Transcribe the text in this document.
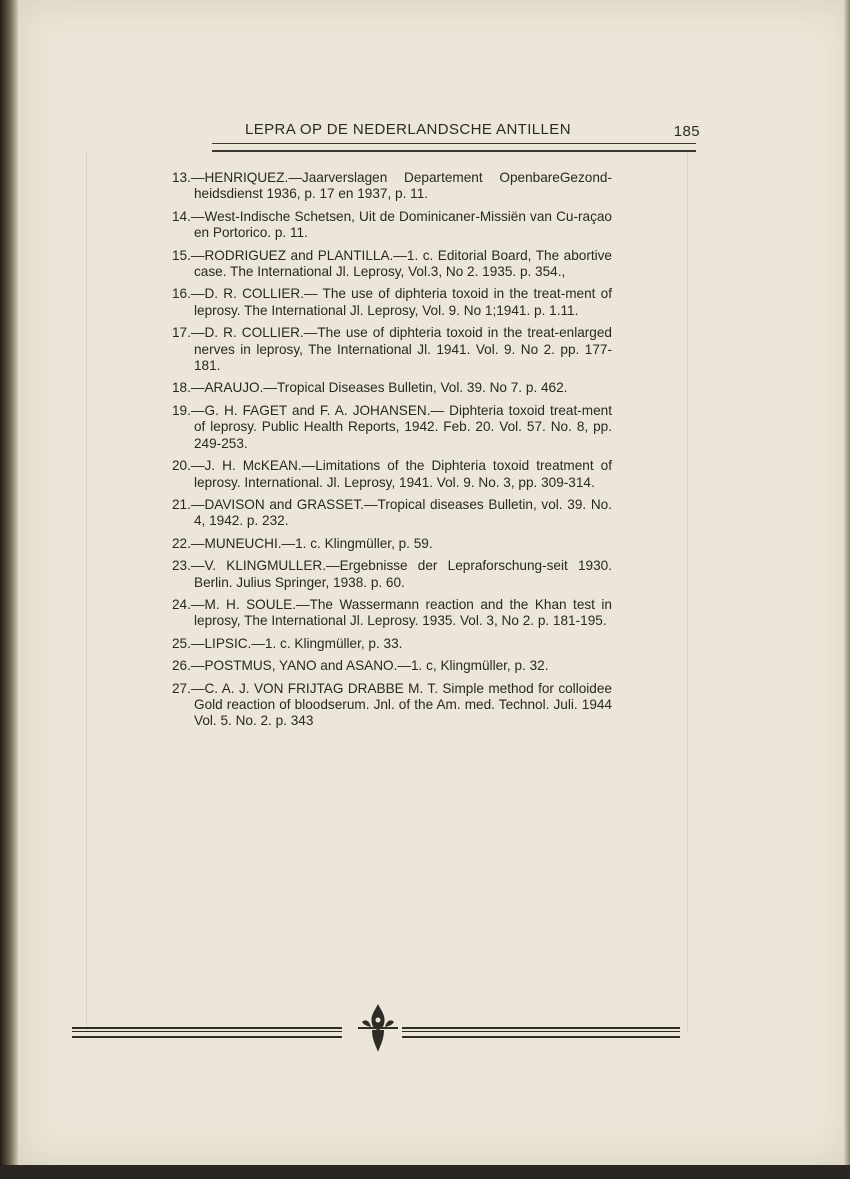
LEPRA OP DE NEDERLANDSCHE ANTILLEN	185
13.—HENRIQUEZ.—Jaarverslagen Departement OpenbareGezond-heidsdienst 1936, p. 17 en 1937, p. 11.
14.—West-Indische Schetsen, Uit de Dominicaner-Missiën van Cu-raçao en Portorico. p. 11.
15.—RODRIGUEZ and PLANTILLA.—1. c. Editorial Board, The abortive case. The International Jl. Leprosy, Vol.3, No 2. 1935. p. 354.,
16.—D. R. COLLIER.— The use of diphteria toxoid in the treat-ment of leprosy. The International Jl. Leprosy, Vol. 9. No 1;1941. p. 1.11.
17.—D. R. COLLIER.—The use of diphteria toxoid in the treat-enlarged nerves in leprosy, The International Jl. 1941. Vol. 9. No 2. pp. 177-181.
18.—ARAUJO.—Tropical Diseases Bulletin, Vol. 39. No 7. p. 462.
19.—G. H. FAGET and F. A. JOHANSEN.— Diphteria toxoid treat-ment of leprosy. Public Health Reports, 1942. Feb. 20. Vol. 57. No. 8, pp. 249-253.
20.—J. H. McKEAN.—Limitations of the Diphteria toxoid treatment of leprosy. International. Jl. Leprosy, 1941. Vol. 9. No. 3, pp. 309-314.
21.—DAVISON and GRASSET.—Tropical diseases Bulletin, vol. 39. No. 4, 1942. p. 232.
22.—MUNEUCHI.—1. c. Klingmüller, p. 59.
23.—V. KLINGMULLER.—Ergebnisse der Lepraforschung-seit 1930. Berlin. Julius Springer, 1938. p. 60.
24.—M. H. SOULE.—The Wassermann reaction and the Khan test in leprosy, The International Jl. Leprosy. 1935. Vol. 3, No 2. p. 181-195.
25.—LIPSIC.—1. c. Klingmüller, p. 33.
26.—POSTMUS, YANO and ASANO.—1. c, Klingmüller, p. 32.
27.—C. A. J. VON FRIJTAG DRABBE M. T. Simple method for colloidee Gold reaction of bloodserum. Jnl. of the Am. med. Technol. Juli. 1944 Vol. 5. No. 2. p. 343
